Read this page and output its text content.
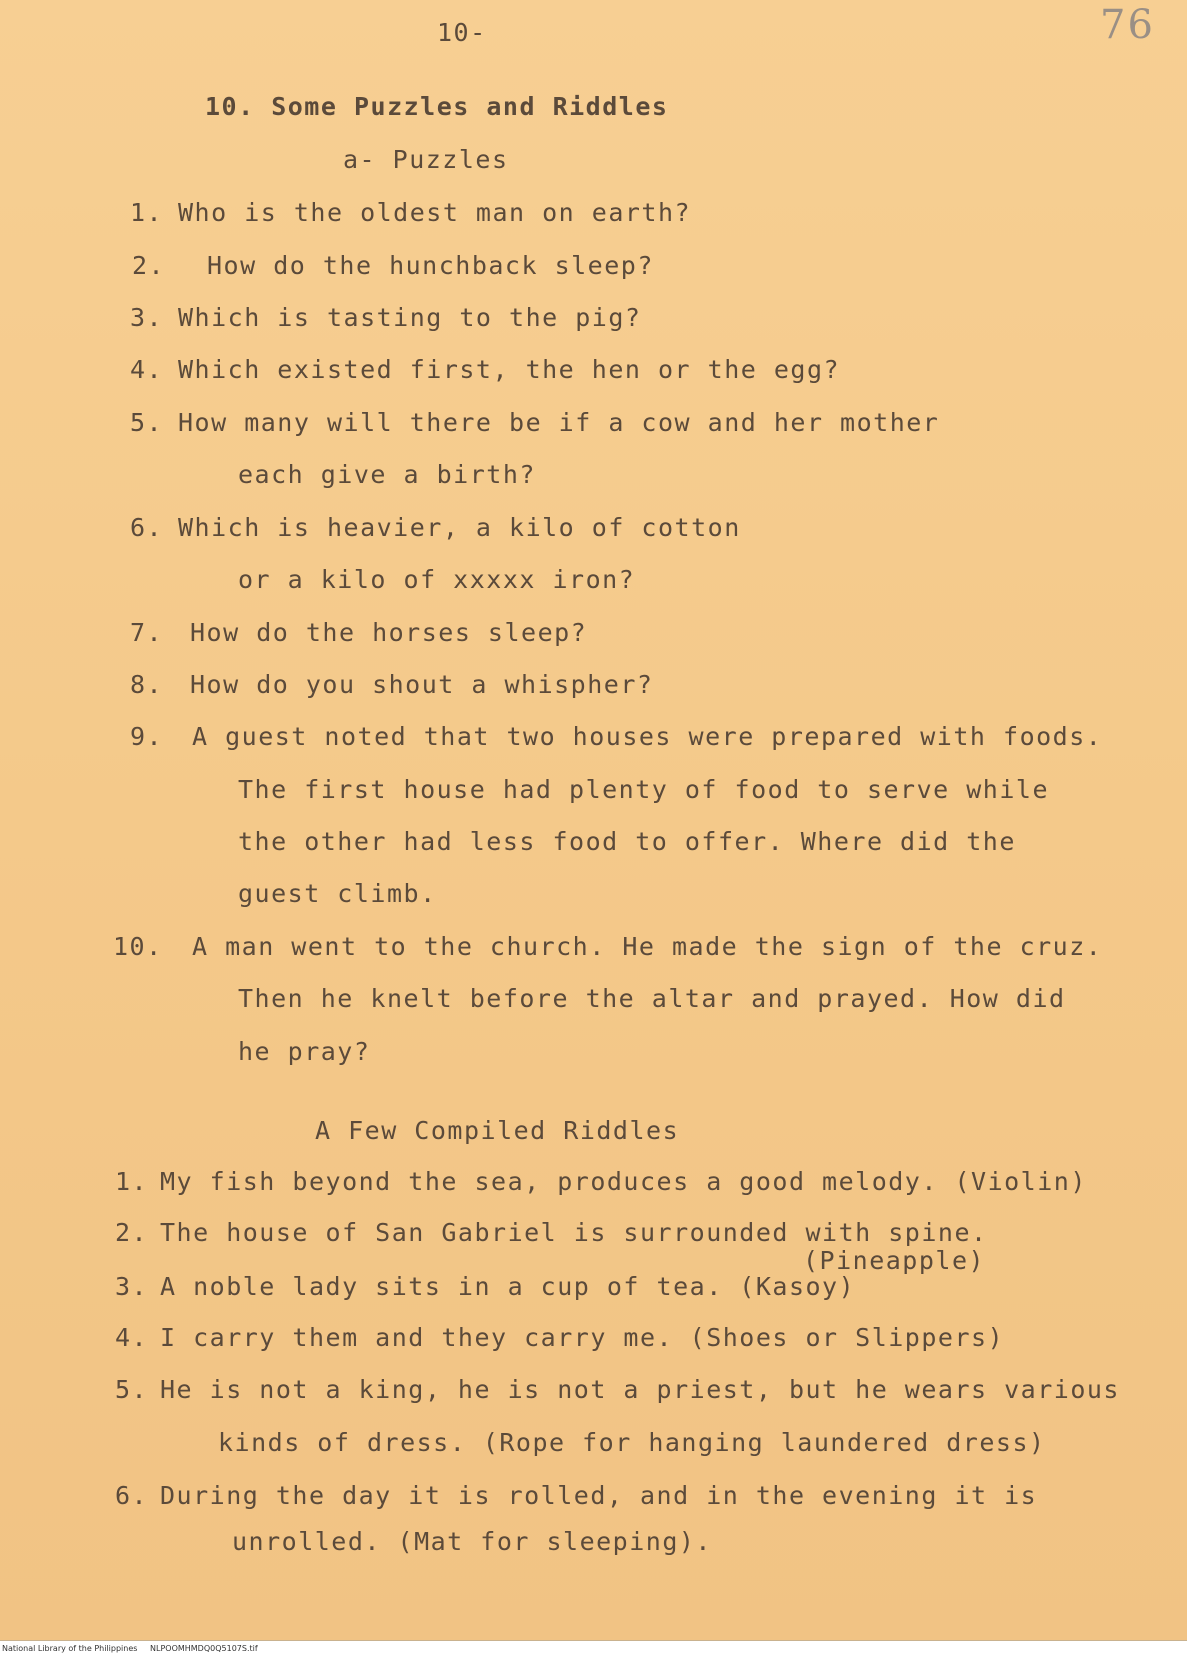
10-	76
10. Some Puzzles and Riddles
a- Puzzles
1. Who is the oldest man on earth?
2. How do the hunchback sleep?
3. Which is tasting to the pig?
4. Which existed first, the hen or the egg?
5. How many will there be if a cow and her mother
each give a birth?
6. Which is heavier, a kilo of cotton
or a kilo of xxxxx iron?
7. How do the horses sleep?
8. How do you shout a whispher?
9. A guest noted that two houses were prepared with foods.
The first house had plenty of food to serve while
the other had less food to offer. Where did the
guest climb.
10. A man went to the church. He made the sign of the cruz.
Then he knelt before the altar and prayed. How did
he pray?
A Few Compiled Riddles
1. My fish beyond the sea, produces a good melody. (Violin)
2. The house of San Gabriel is surrounded with spine.
(Pineapple)
3. A noble lady sits in a cup of tea. (Kasoy)
4. I carry them and they carry me. (Shoes or Slippers)
5. He is not a king, he is not a priest, but he wears various
kinds of dress. (Rope for hanging laundered dress)
6. During the day it is rolled, and in the evening it is
unrolled. (Mat for sleeping).
National Library of the Philippines NLPOOMHMDQ0Q5107S.tif
